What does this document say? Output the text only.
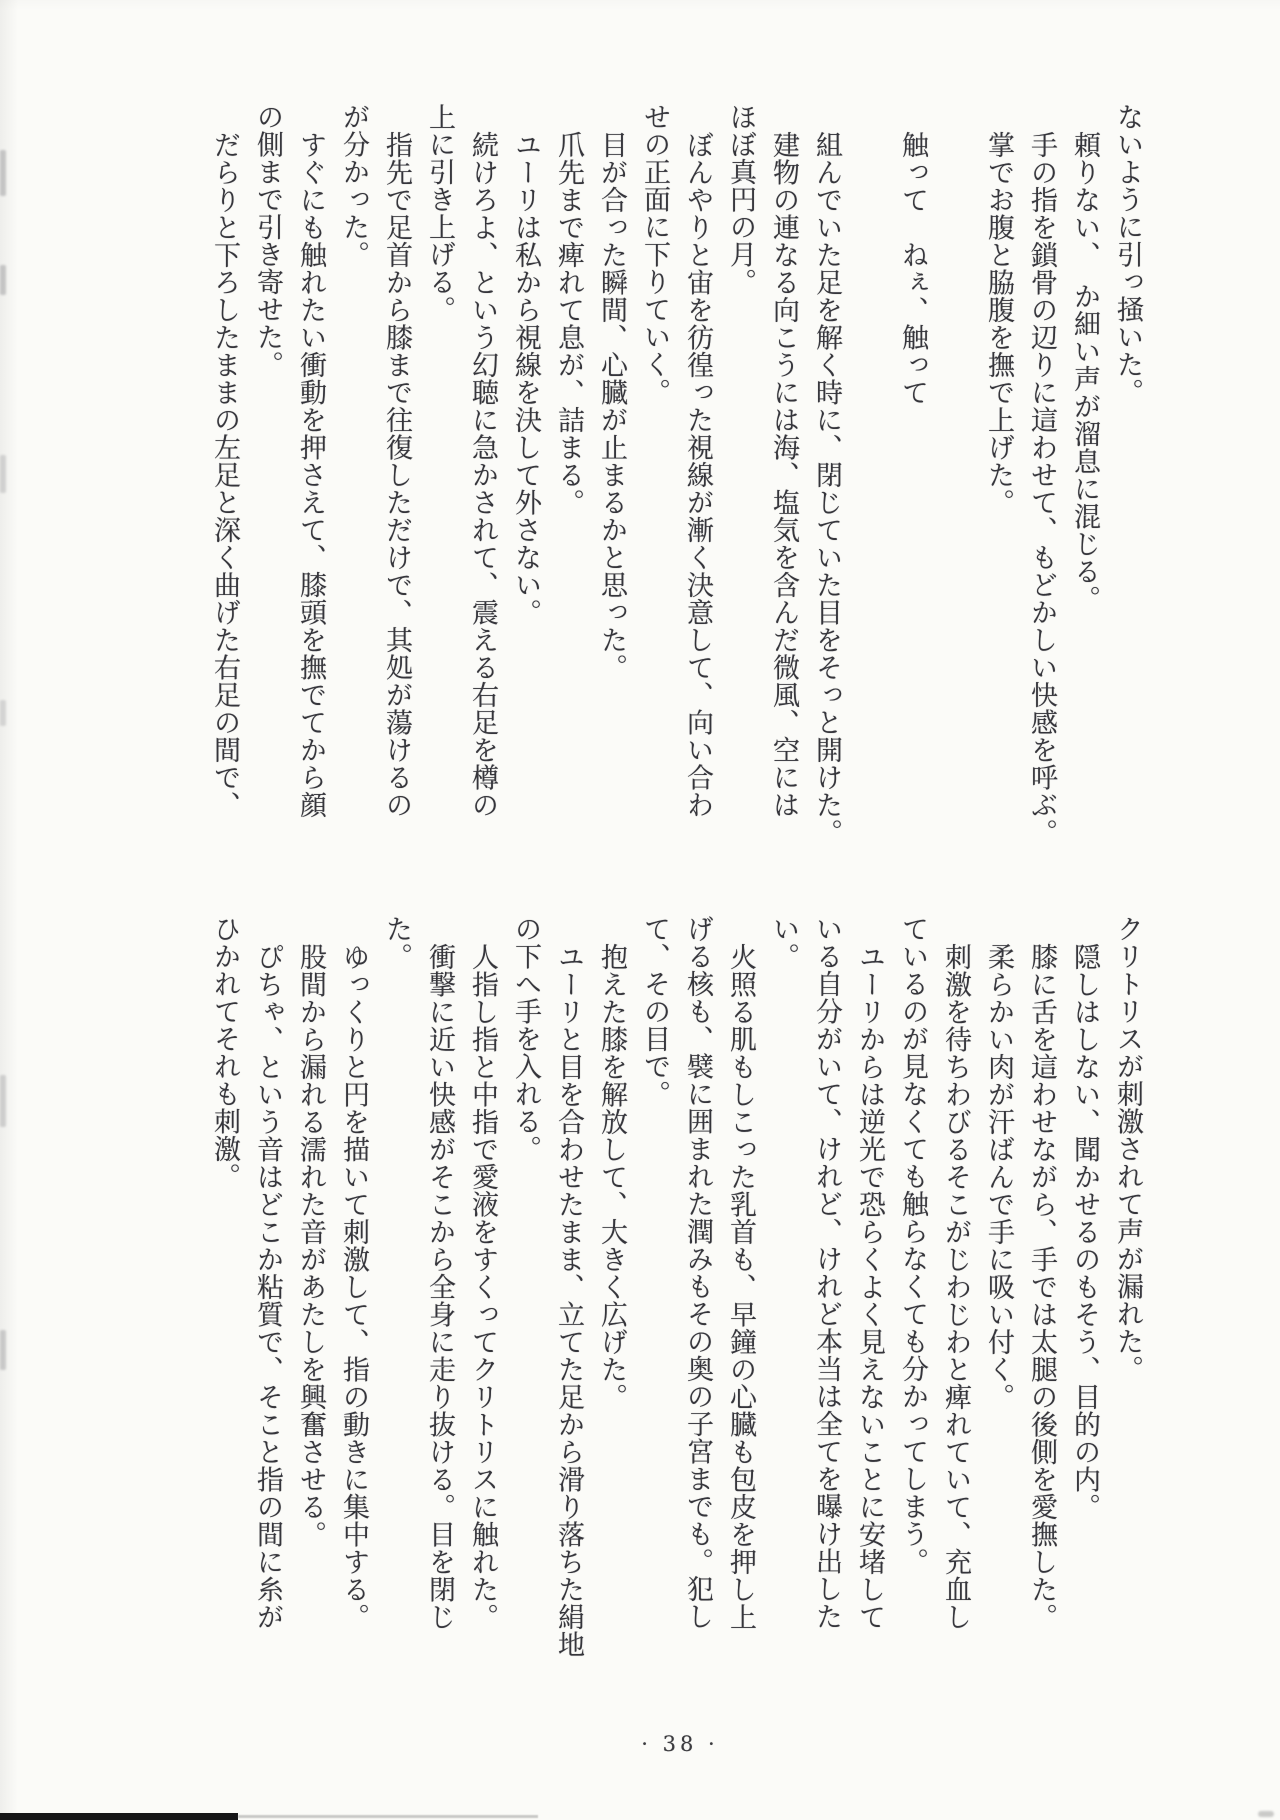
ないように引っ掻いた。

頼りない、　か細い声が溜息に混じる。

手の指を鎖骨の辺りに這わせて、もどかしい快感を呼ぶ。

掌でお腹と脇腹を撫で上げた。

触って　ねぇ、触って

組んでいた足を解く時に、閉じていた目をそっと開けた。

建物の連なる向こうには海、塩気を含んだ微風、空には

ほぼ真円の月。

ぼんやりと宙を彷徨った視線が漸く決意して、向い合わ

せの正面に下りていく。

目が合った瞬間、心臓が止まるかと思った。

爪先まで痺れて息が、詰まる。

ユーリは私から視線を決して外さない。

続けろよ、という幻聴に急かされて、震える右足を樽の

上に引き上げる。

指先で足首から膝まで往復しただけで、其処が蕩けるの

が分かった。

すぐにも触れたい衝動を押さえて、膝頭を撫でてから顔

の側まで引き寄せた。

だらりと下ろしたままの左足と深く曲げた右足の間で、

クリトリスが刺激されて声が漏れた。

隠しはしない、聞かせるのもそう、目的の内。

膝に舌を這わせながら、手では太腿の後側を愛撫した。

柔らかい肉が汗ばんで手に吸い付く。

刺激を待ちわびるそこがじわじわと痺れていて、充血し

ているのが見なくても触らなくても分かってしまう。

ユーリからは逆光で恐らくよく見えないことに安堵して

いる自分がいて、けれど、けれど本当は全てを曝け出した

い。

火照る肌もしこった乳首も、早鐘の心臓も包皮を押し上

げる核も、襞に囲まれた潤みもその奥の子宮までも。犯し

て、その目で。

抱えた膝を解放して、大きく広げた。

ユーリと目を合わせたまま、立てた足から滑り落ちた絹地

の下へ手を入れる。

人指し指と中指で愛液をすくってクリトリスに触れた。

衝撃に近い快感がそこから全身に走り抜ける。目を閉じ

た。

ゆっくりと円を描いて刺激して、指の動きに集中する。

股間から漏れる濡れた音があたしを興奮させる。

ぴちゃ、という音はどこか粘質で、そこと指の間に糸が

ひかれてそれも刺激。

· 38 ·
